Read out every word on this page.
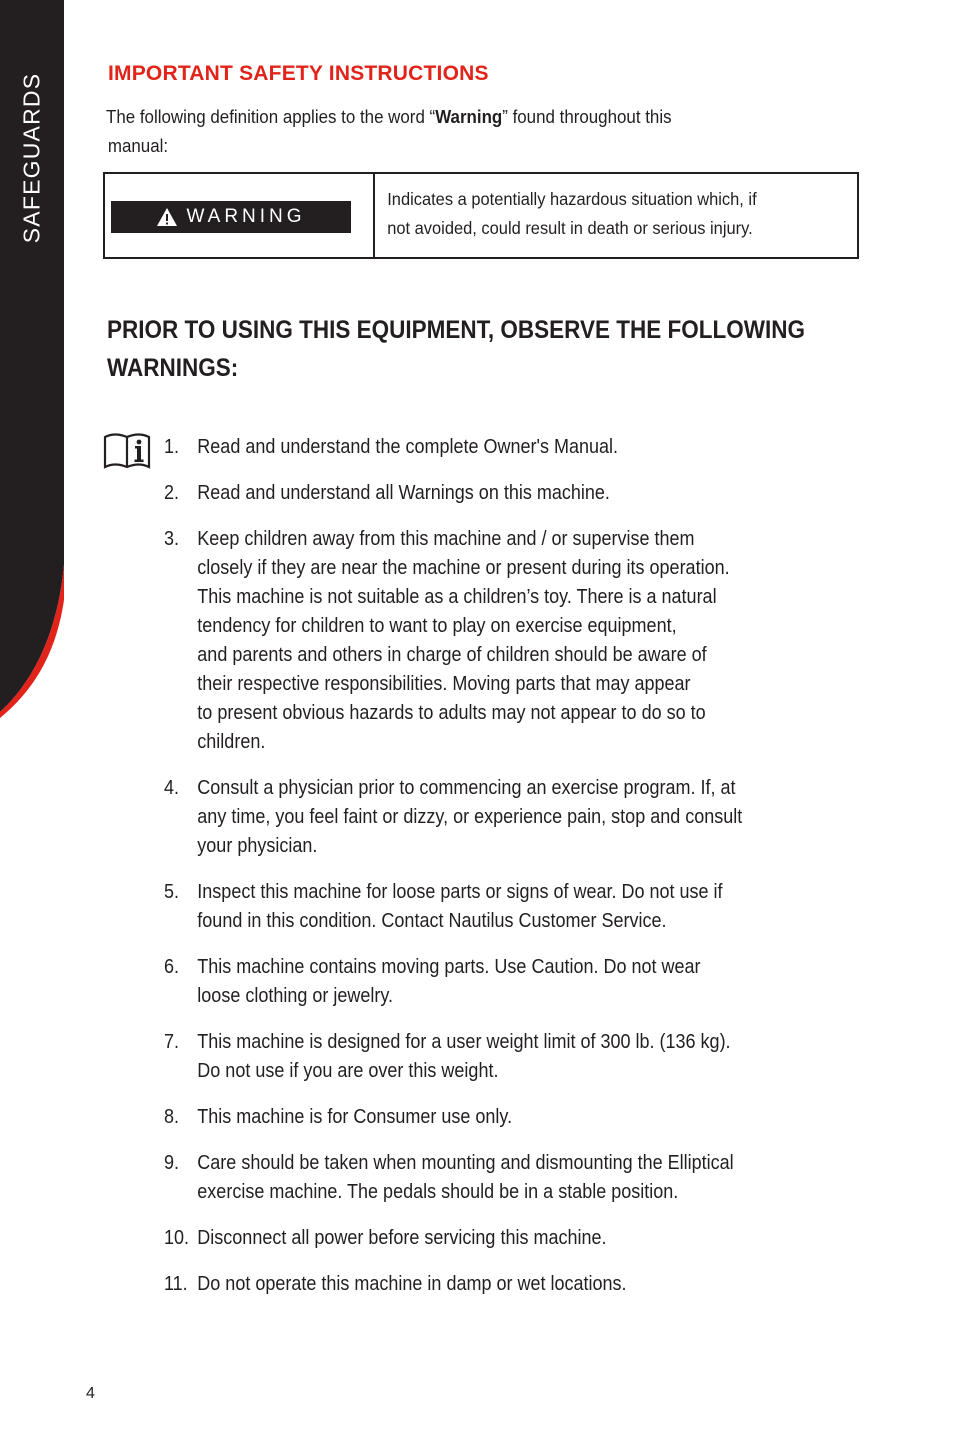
SAFEGUARDS	IMPORTANT SAFETY INSTRUCTIONS

The following definition applies to the word “Warning” found throughout this
manual:

WARNING
Indicates a potentially hazardous situation which, if
not avoided, could result in death or serious injury.
PRIOR TO USING THIS EQUIPMENT, OBSERVE THE FOLLOWING
WARNINGS:
1. Read and understand the complete Owner's Manual.
2. Read and understand all Warnings on this machine.
3. Keep children away from this machine and / or supervise them
closely if they are near the machine or present during its operation.
This machine is not suitable as a children’s toy. There is a natural
tendency for children to want to play on exercise equipment,
and parents and others in charge of children should be aware of
their respective responsibilities. Moving parts that may appear
to present obvious hazards to adults may not appear to do so to
children.
4. Consult a physician prior to commencing an exercise program. If, at
any time, you feel faint or dizzy, or experience pain, stop and consult
your physician.
5. Inspect this machine for loose parts or signs of wear. Do not use if
found in this condition. Contact Nautilus Customer Service.
6. This machine contains moving parts. Use Caution. Do not wear
loose clothing or jewelry.
7. This machine is designed for a user weight limit of 300 lb. (136 kg).
Do not use if you are over this weight.
8. This machine is for Consumer use only.
9. Care should be taken when mounting and dismounting the Elliptical
exercise machine. The pedals should be in a stable position.
10. Disconnect all power before servicing this machine.
11. Do not operate this machine in damp or wet locations.
4
